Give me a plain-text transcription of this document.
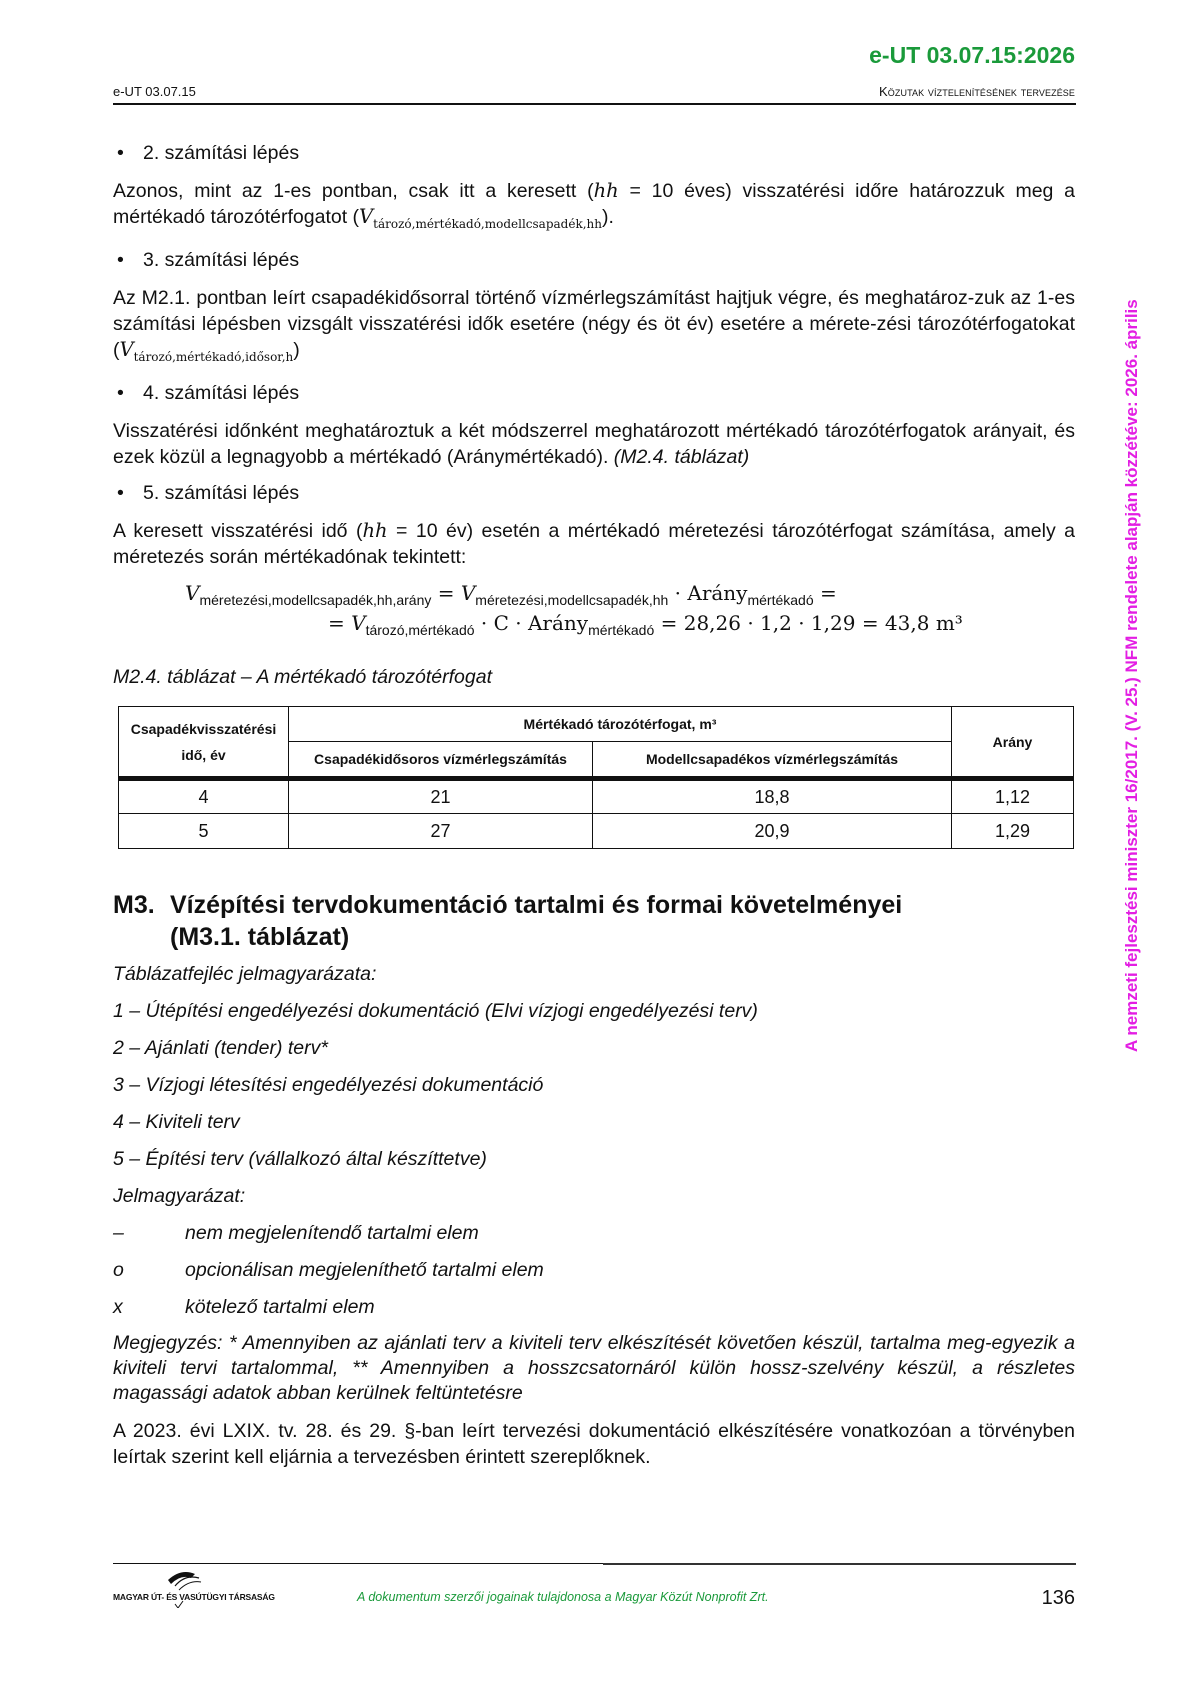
e-UT 03.07.15:2026
e-UT 03.07.15	Közutak víztelenítésének tervezése
A nemzeti fejlesztési miniszter 16/2017. (V. 25.) NFM rendelete alapján közzétéve: 2026. április
• 2. számítási lépés
Azonos, mint az 1-es pontban, csak itt a keresett (hh = 10 éves) visszatérési időre határozzuk meg a mértékadó tározótérfogatot $(V_{tározó,mértékadó,modellcsapadék,hh})$.
• 3. számítási lépés
Az M2.1. pontban leírt csapadékidősorral történő vízmérlegszámítást hajtjuk végre, és meghatároz-zuk az 1-es számítási lépésben vizsgált visszatérési idők esetére (négy és öt év) esetére a mérete-zési tározótérfogatokat $(V_{tározó,mértékadó,idősor,h})$
• 4. számítási lépés
Visszatérési időnként meghatároztuk a két módszerrel meghatározott mértékadó tározótérfogatok arányait, és ezek közül a legnagyobb a mértékadó (Aránymértékadó). (M2.4. táblázat)
• 5. számítási lépés
A keresett visszatérési idő (hh = 10 év) esetén a mértékadó méretezési tározótérfogat számítása, amely a méretezés során mértékadónak tekintett:
$V_{méretezési,modellcsapadék,hh,arány} = V_{méretezési,modellcsapadék,hh}$ · Arány$_{mértékadó}$ =
= $V_{tározó,mértékadó} \cdot C$ · Arány$_{mértékadó}$ = 28,26 · 1,2 · 1,29 = 43,8 m³
M2.4. táblázat – A mértékadó tározótérfogat
Csapadékvisszatérési idő, év	Mértékadó tározótérfogat, m³		Arány
	Csapadékidősoros vízmérlegszámítás	Modellcsapadékos vízmérlegszámítás	
4	21	18,8	1,12
5	27	20,9	1,29
M3. Vízépítési tervdokumentáció tartalmi és formai követelményei
(M3.1. táblázat)
Táblázatfejléc jelmagyarázata:
1 – Útépítési engedélyezési dokumentáció (Elvi vízjogi engedélyezési terv)
2 – Ajánlati (tender) terv*
3 – Vízjogi létesítési engedélyezési dokumentáció
4 – Kiviteli terv
5 – Építési terv (vállalkozó által készíttetve)
Jelmagyarázat:
–	nem megjelenítendő tartalmi elem
o	opcionálisan megjeleníthető tartalmi elem
x	kötelező tartalmi elem
Megjegyzés: * Amennyiben az ajánlati terv a kiviteli terv elkészítését követően készül, tartalma meg-egyezik a kiviteli tervi tartalommal, ** Amennyiben a hosszcsatornáról külön hossz-szelvény készül, a részletes magassági adatok abban kerülnek feltüntetésre
A 2023. évi LXIX. tv. 28. és 29. §-ban leírt tervezési dokumentáció elkészítésére vonatkozóan a törvényben leírtak szerint kell eljárnia a tervezésben érintett szereplőknek.
MAGYAR ÚT- ÉS VASÚTÜGYI TÁRSASÁG	A dokumentum szerzői jogainak tulajdonosa a Magyar Közút Nonprofit Zrt.	136
